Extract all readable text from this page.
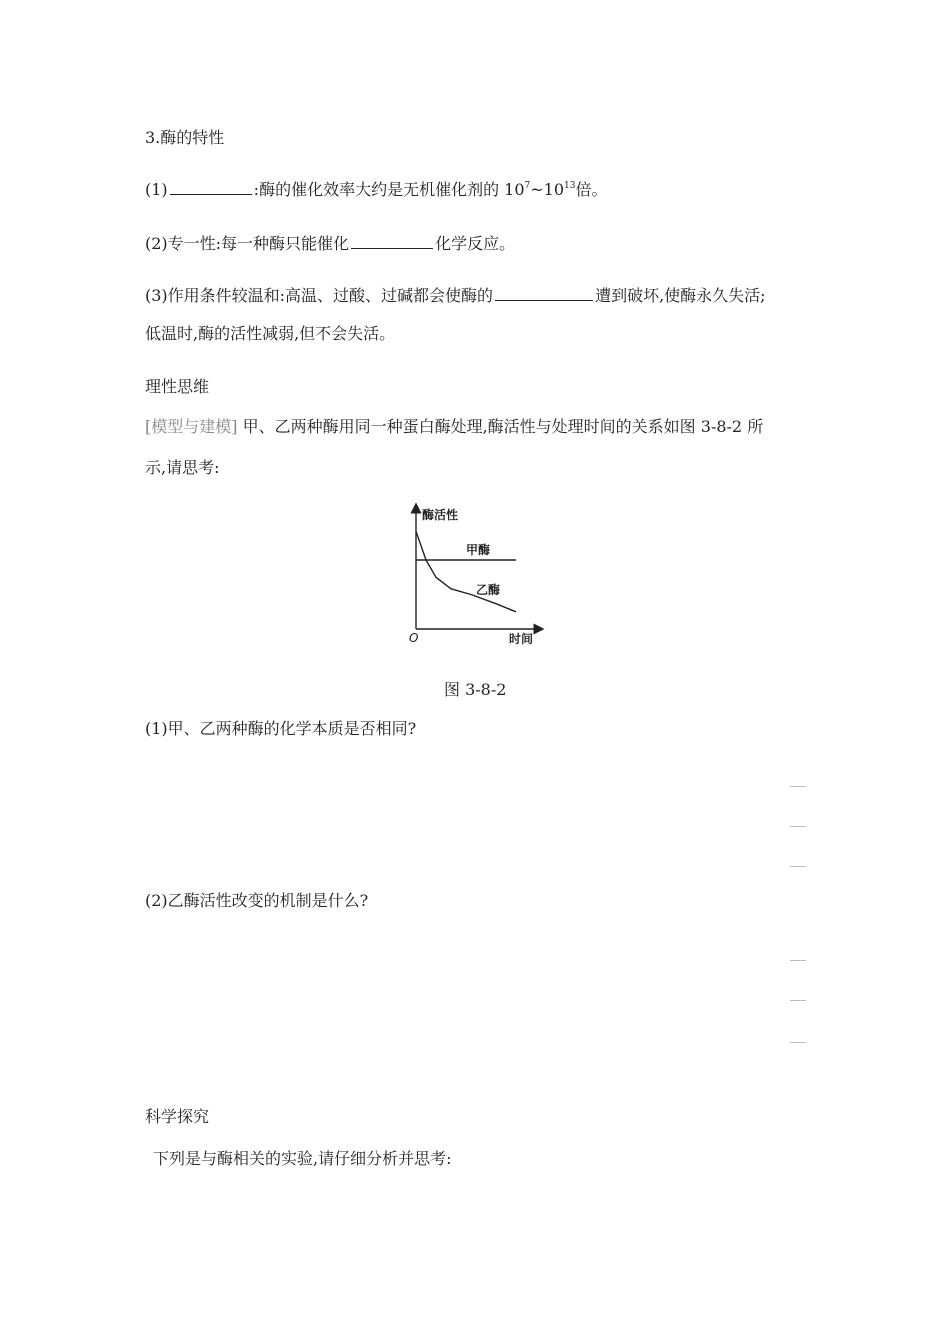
3.酶的特性
(1)	:酶的催化效率大约是无机催化剂的 $10^7\sim 10^{13}$倍。
(2)专一性:每一种酶只能催化	化学反应。
(3)作用条件较温和:高温、过酸、过碱都会使酶的	遭到破坏,使酶永久失活;
低温时,酶的活性减弱,但不会失活。
理性思维
[模型与建模] 甲、乙两种酶用同一种蛋白酶处理,酶活性与处理时间的关系如图 3-8-2 所
示,请思考:
酶活性
时间
O
甲酶
乙酶
图 3-8-2
(1)甲、乙两种酶的化学本质是否相同?
(2)乙酶活性改变的机制是什么?
科学探究
下列是与酶相关的实验,请仔细分析并思考:
